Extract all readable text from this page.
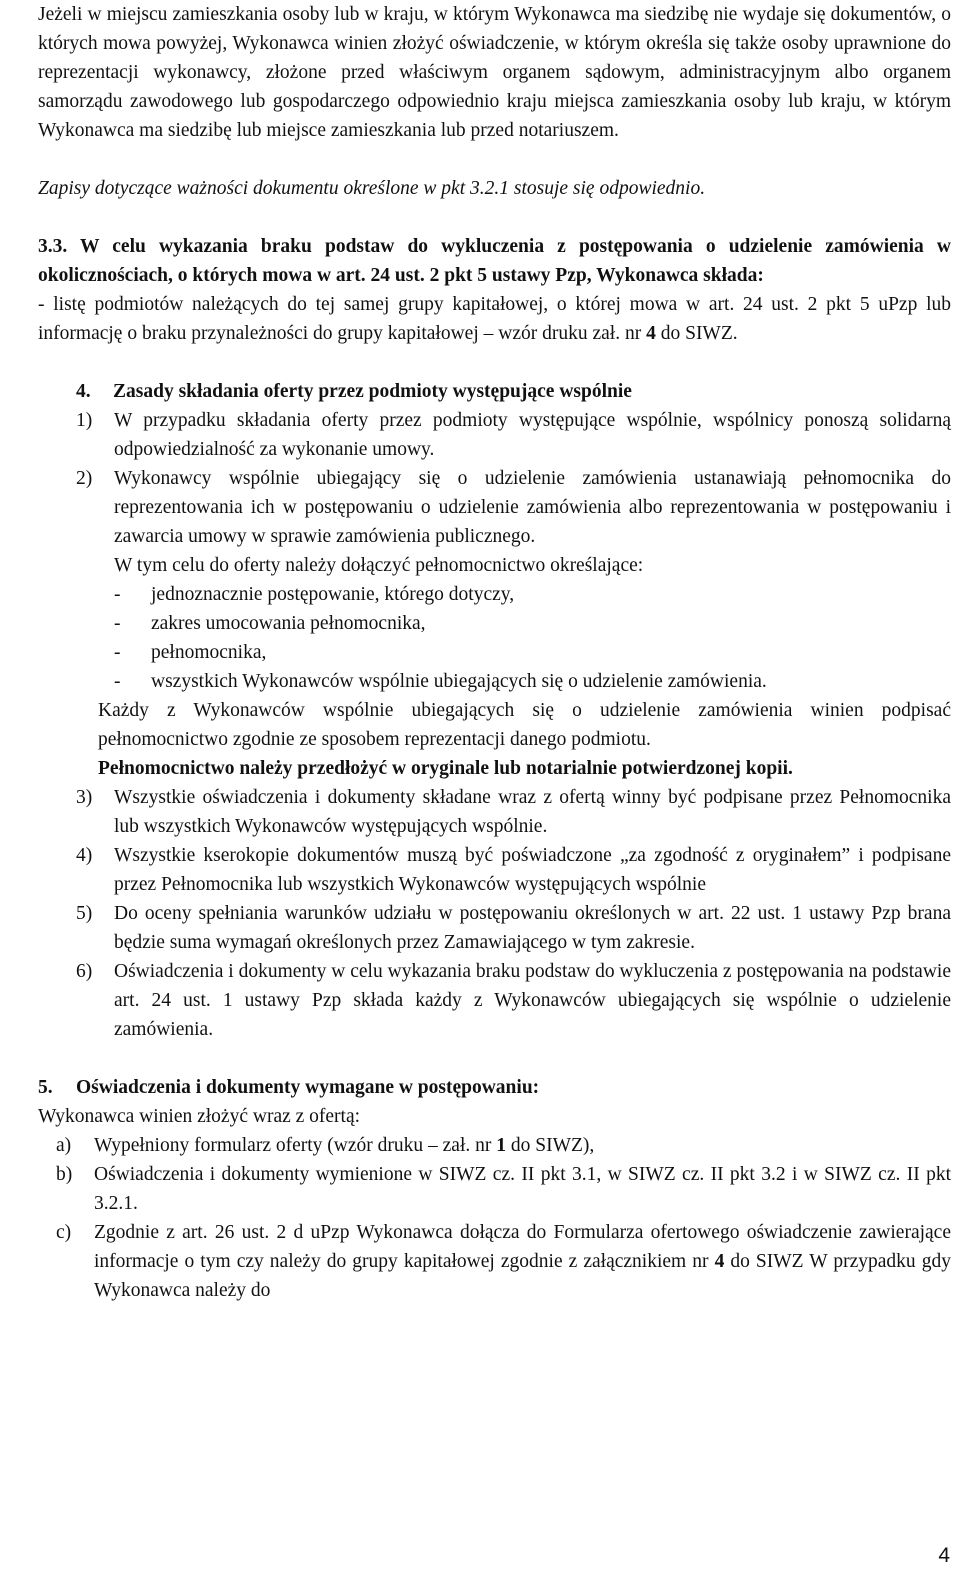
Jeżeli w miejscu zamieszkania osoby lub w kraju, w którym Wykonawca ma siedzibę nie wydaje się dokumentów, o których mowa powyżej, Wykonawca winien złożyć oświadczenie, w którym określa się także osoby uprawnione do reprezentacji wykonawcy, złożone przed właściwym organem sądowym, administracyjnym albo organem samorządu zawodowego lub gospodarczego odpowiednio kraju miejsca zamieszkania osoby lub kraju, w którym Wykonawca ma siedzibę lub miejsce zamieszkania lub przed notariuszem.

Zapisy dotyczące ważności dokumentu określone w pkt 3.2.1 stosuje się odpowiednio.

3.3. W celu wykazania braku podstaw do wykluczenia z postępowania o udzielenie zamówienia w okolicznościach, o których mowa w art. 24 ust. 2 pkt 5 ustawy Pzp, Wykonawca składa:

- listę podmiotów należących do tej samej grupy kapitałowej, o której mowa w art. 24 ust. 2 pkt 5 uPzp lub informację o braku przynależności do grupy kapitałowej – wzór druku zał. nr 4 do SIWZ.

4.	Zasady składania oferty przez podmioty występujące wspólnie
1)	W przypadku składania oferty przez podmioty występujące wspólnie, wspólnicy ponoszą solidarną odpowiedzialność za wykonanie umowy.
2)	Wykonawcy wspólnie ubiegający się o udzielenie zamówienia ustanawiają pełnomocnika do reprezentowania ich w postępowaniu o udzielenie zamówienia albo reprezentowania w postępowaniu i zawarcia umowy w sprawie zamówienia publicznego.

W tym celu do oferty należy dołączyć pełnomocnictwo określające:

-	jednoznacznie postępowanie, którego dotyczy,
-	zakres umocowania pełnomocnika,
-	pełnomocnika,
-	wszystkich Wykonawców wspólnie ubiegających się o udzielenie zamówienia.

Każdy z Wykonawców wspólnie ubiegających się o udzielenie zamówienia winien podpisać pełnomocnictwo zgodnie ze sposobem reprezentacji danego podmiotu.

Pełnomocnictwo należy przedłożyć w oryginale lub notarialnie potwierdzonej kopii.

3)	Wszystkie oświadczenia i dokumenty składane wraz z ofertą winny być podpisane przez Pełnomocnika lub wszystkich Wykonawców występujących wspólnie.
4)	Wszystkie kserokopie dokumentów muszą być poświadczone „za zgodność z oryginałem” i podpisane przez Pełnomocnika lub wszystkich Wykonawców występujących wspólnie
5)	Do oceny spełniania warunków udziału w postępowaniu określonych w art. 22 ust. 1 ustawy Pzp brana będzie suma wymagań określonych przez Zamawiającego w tym zakresie.
6)	Oświadczenia i dokumenty w celu wykazania braku podstaw do wykluczenia z postępowania na podstawie art. 24 ust. 1 ustawy Pzp składa każdy z Wykonawców ubiegających się wspólnie o udzielenie zamówienia.
5.	Oświadczenia i dokumenty wymagane w postępowaniu:

Wykonawca winien złożyć wraz z ofertą:

a)	Wypełniony formularz oferty (wzór druku – zał. nr 1 do SIWZ),
b)	Oświadczenia i dokumenty wymienione w SIWZ cz. II pkt 3.1, w SIWZ cz. II pkt 3.2 i w SIWZ cz. II pkt 3.2.1.
c)	Zgodnie z art. 26 ust. 2 d uPzp Wykonawca dołącza do Formularza ofertowego oświadczenie zawierające informacje o tym czy należy do grupy kapitałowej zgodnie z załącznikiem nr 4 do SIWZ W przypadku gdy Wykonawca należy do
4
